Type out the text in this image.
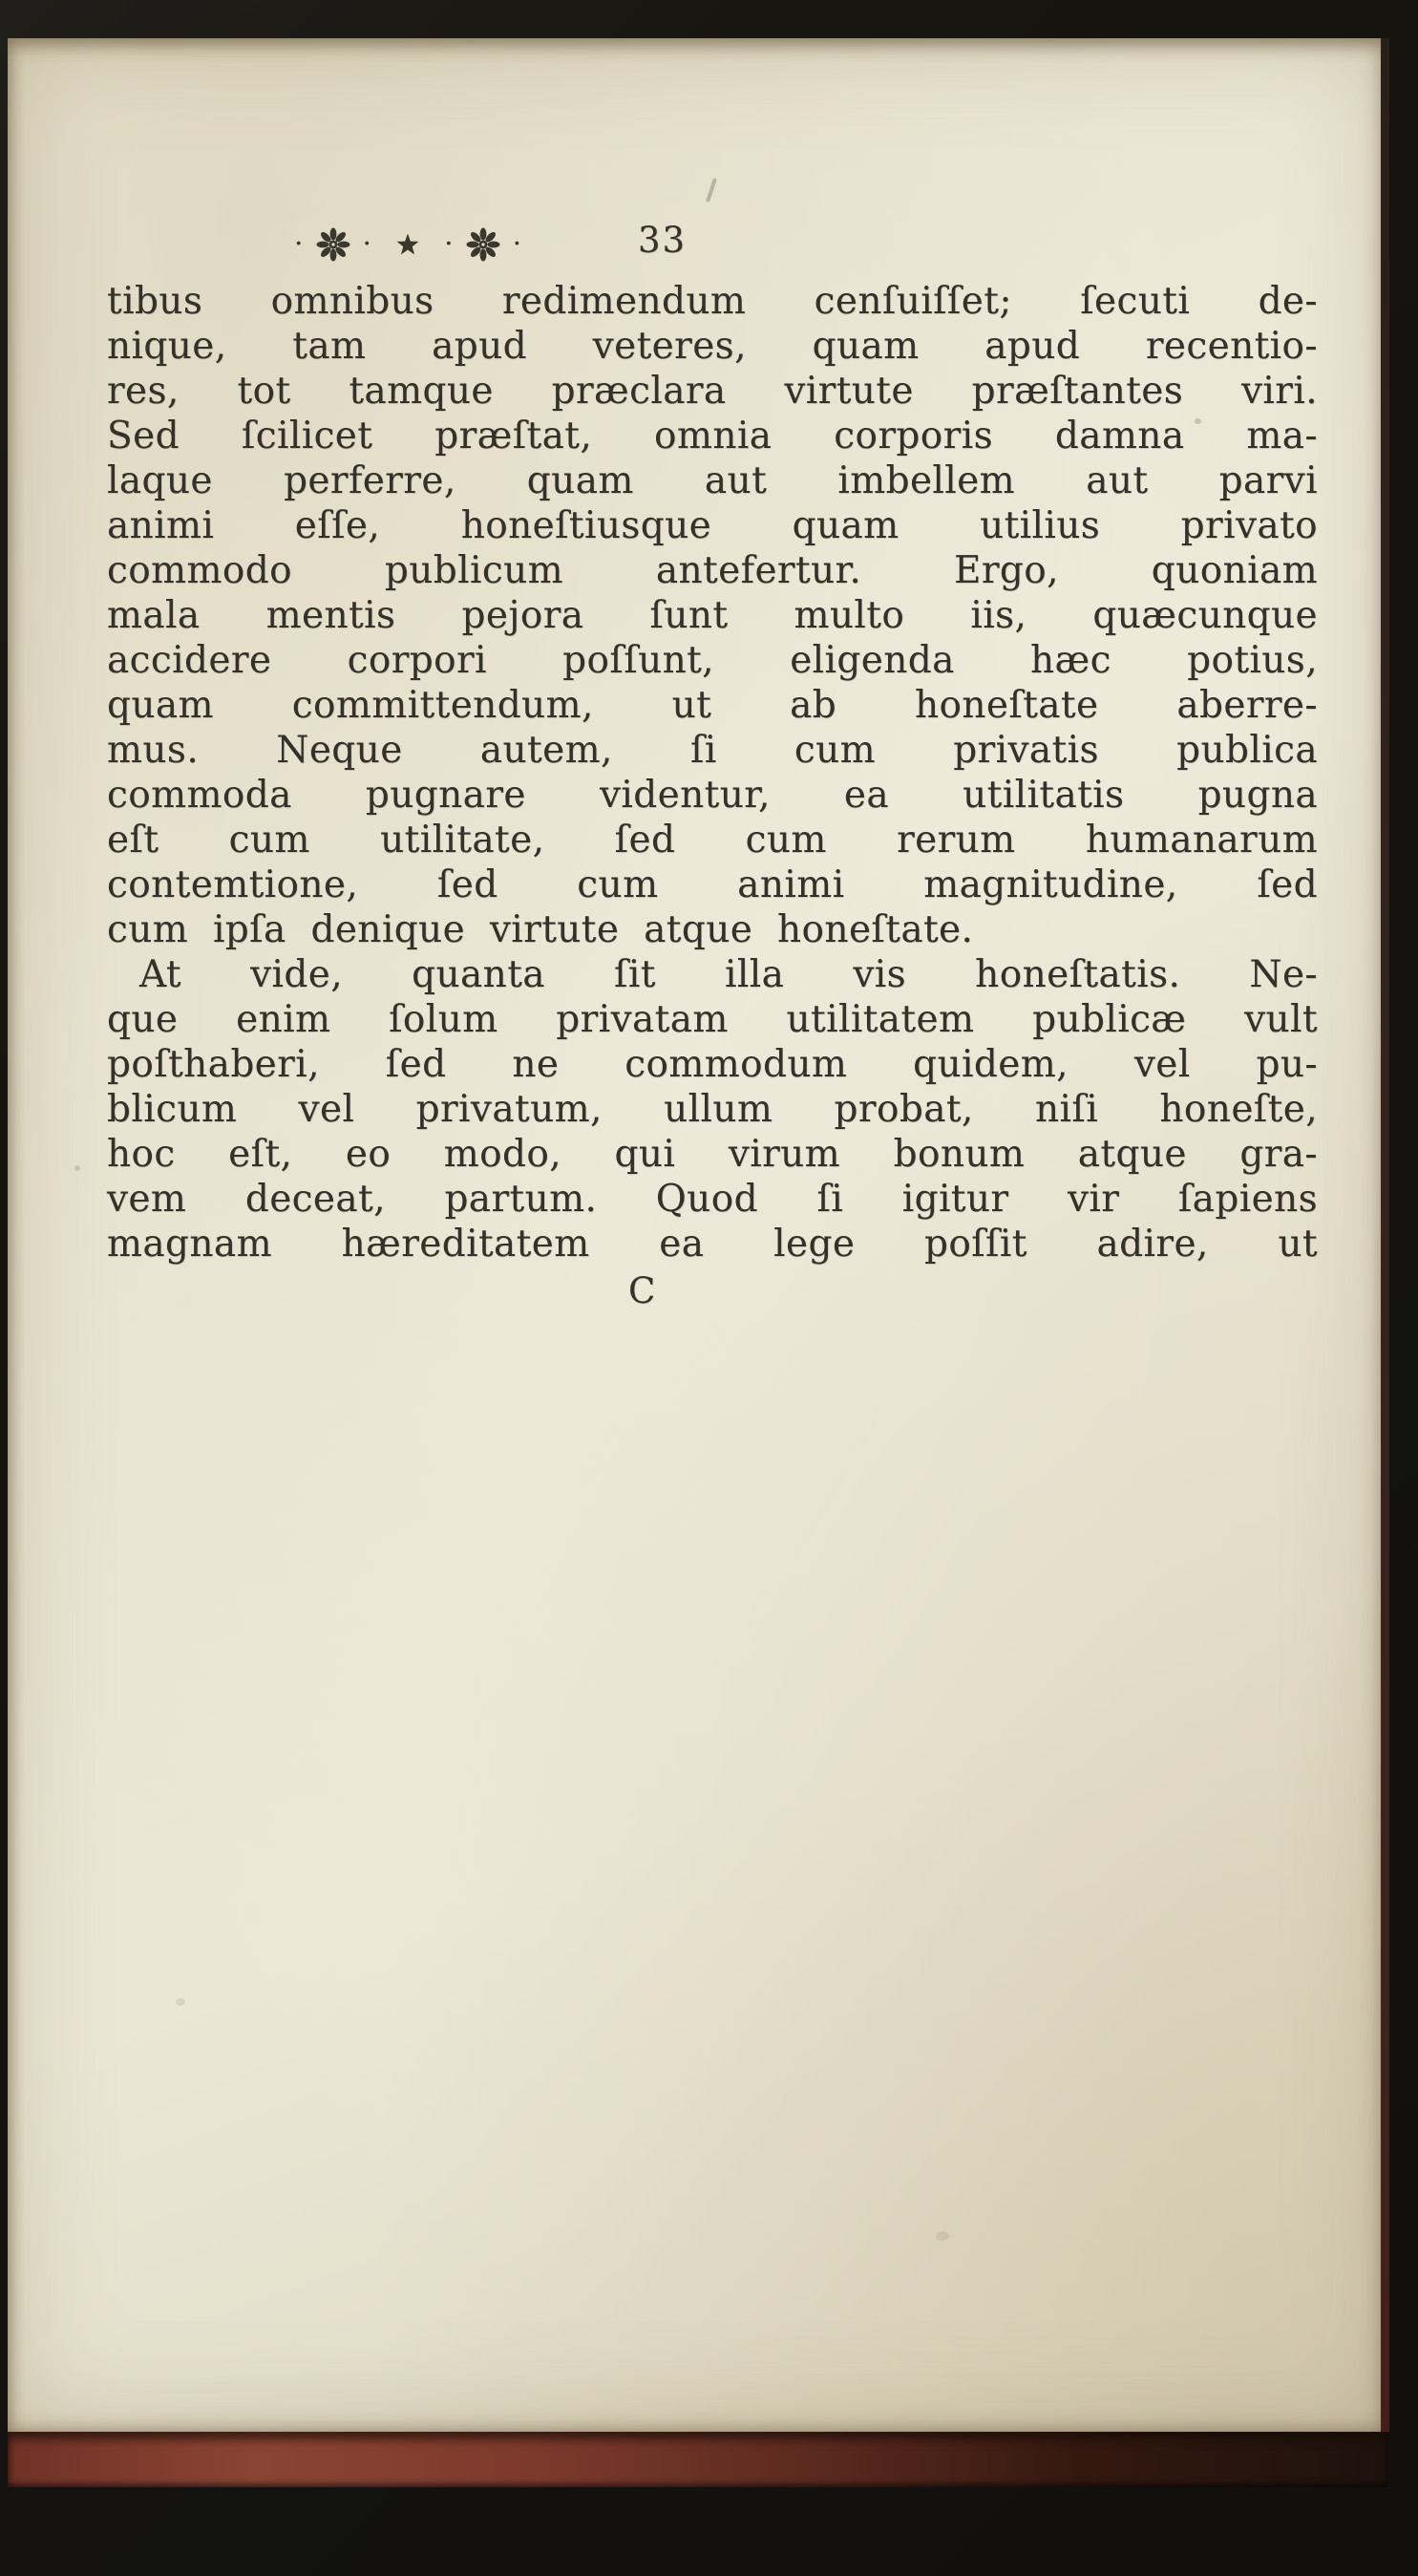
· ·	· ·	33
tibus omnibus redimendum cenſuiſſet; ſecuti de-
nique, tam apud veteres, quam apud recentio-
res, tot tamque præclara virtute præſtantes viri.
Sed ſcilicet præſtat, omnia corporis damna ma-
laque perferre, quam aut imbellem aut parvi
animi eſſe, honeſtiusque quam utilius privato
commodo publicum antefertur. Ergo, quoniam
mala mentis pejora ſunt multo iis, quæcunque
accidere corpori poſſunt, eligenda hæc potius,
quam committendum, ut ab honeſtate aberre-
mus. Neque autem, ſi cum privatis publica
commoda pugnare videntur, ea utilitatis pugna
eſt cum utilitate, ſed cum rerum humanarum
contemtione, ſed cum animi magnitudine, ſed
cum ipſa denique virtute atque honeſtate.
At vide, quanta ſit illa vis honeſtatis. Ne-
que enim ſolum privatam utilitatem publicæ vult
poſthaberi, ſed ne commodum quidem, vel pu-
blicum vel privatum, ullum probat, niſi honeſte,
hoc eſt, eo modo, qui virum bonum atque gra-
vem deceat, partum. Quod ſi igitur vir ſapiens
magnam hæreditatem ea lege poſſit adire, ut
C
